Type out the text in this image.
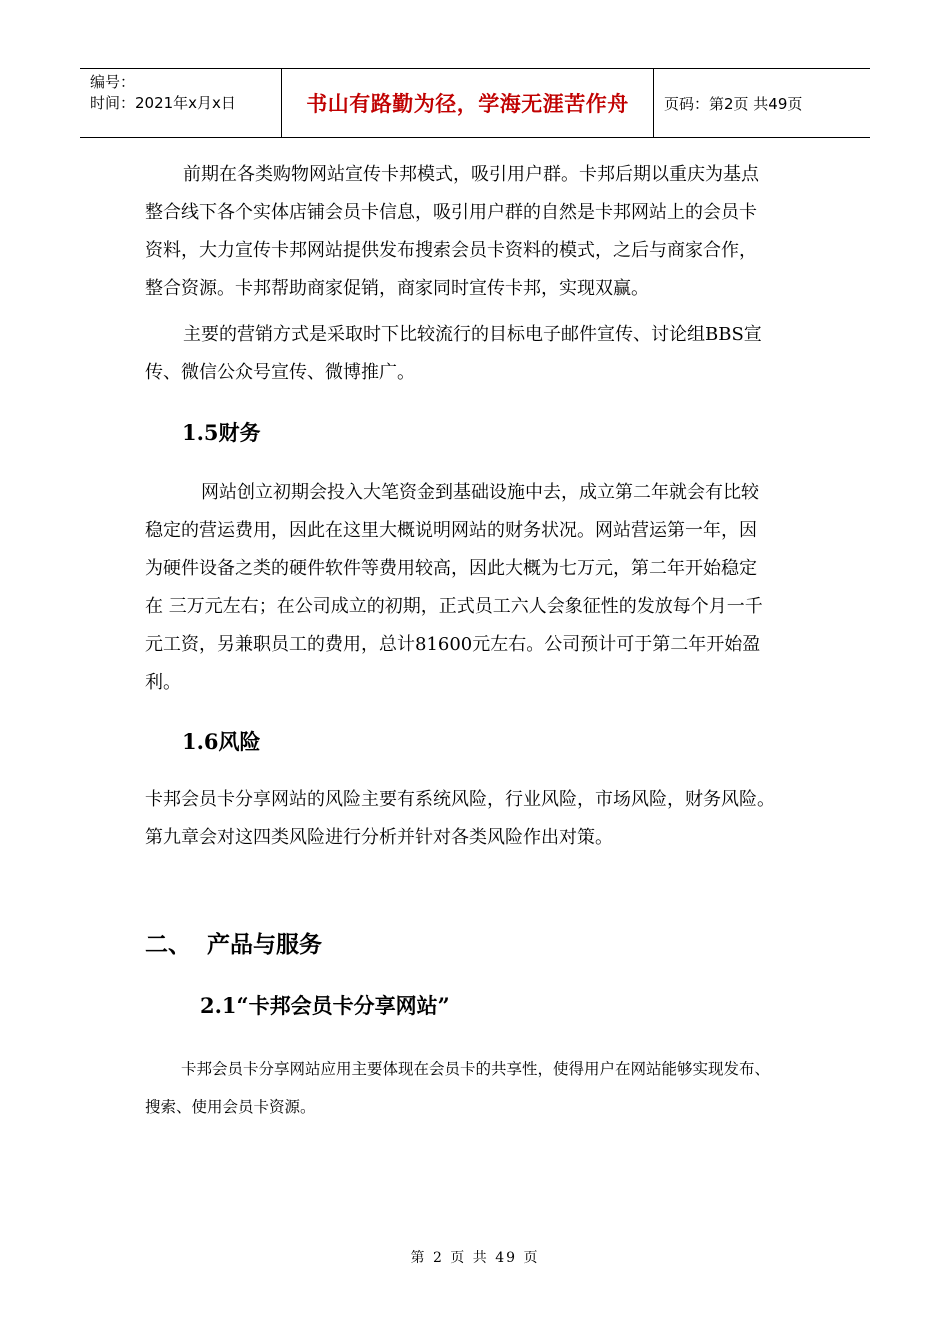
编号：
时间：2021年x月x日	书山有路勤为径，学海无涯苦作舟	页码：第2页 共49页
前期在各类购物网站宣传卡邦模式，吸引用户群。卡邦后期以重庆为基点
整合线下各个实体店铺会员卡信息，吸引用户群的自然是卡邦网站上的会员卡
资料，大力宣传卡邦网站提供发布搜索会员卡资料的模式，之后与商家合作，
整合资源。卡邦帮助商家促销，商家同时宣传卡邦，实现双赢。
主要的营销方式是采取时下比较流行的目标电子邮件宣传、讨论组BBS宣
传、微信公众号宣传、微博推广。
1.5财务
网站创立初期会投入大笔资金到基础设施中去，成立第二年就会有比较
稳定的营运费用，因此在这里大概说明网站的财务状况。网站营运第一年，因
为硬件设备之类的硬件软件等费用较高，因此大概为七万元，第二年开始稳定
在 三万元左右；在公司成立的初期，正式员工六人会象征性的发放每个月一千
元工资，另兼职员工的费用，总计81600元左右。公司预计可于第二年开始盈
利。
1.6风险
卡邦会员卡分享网站的风险主要有系统风险，行业风险，市场风险，财务风险。
第九章会对这四类风险进行分析并针对各类风险作出对策。
二、  产品与服务
2.1“卡邦会员卡分享网站”
卡邦会员卡分享网站应用主要体现在会员卡的共享性，使得用户在网站能够实现发布、
搜索、使用会员卡资源。
第 2 页 共 49 页
